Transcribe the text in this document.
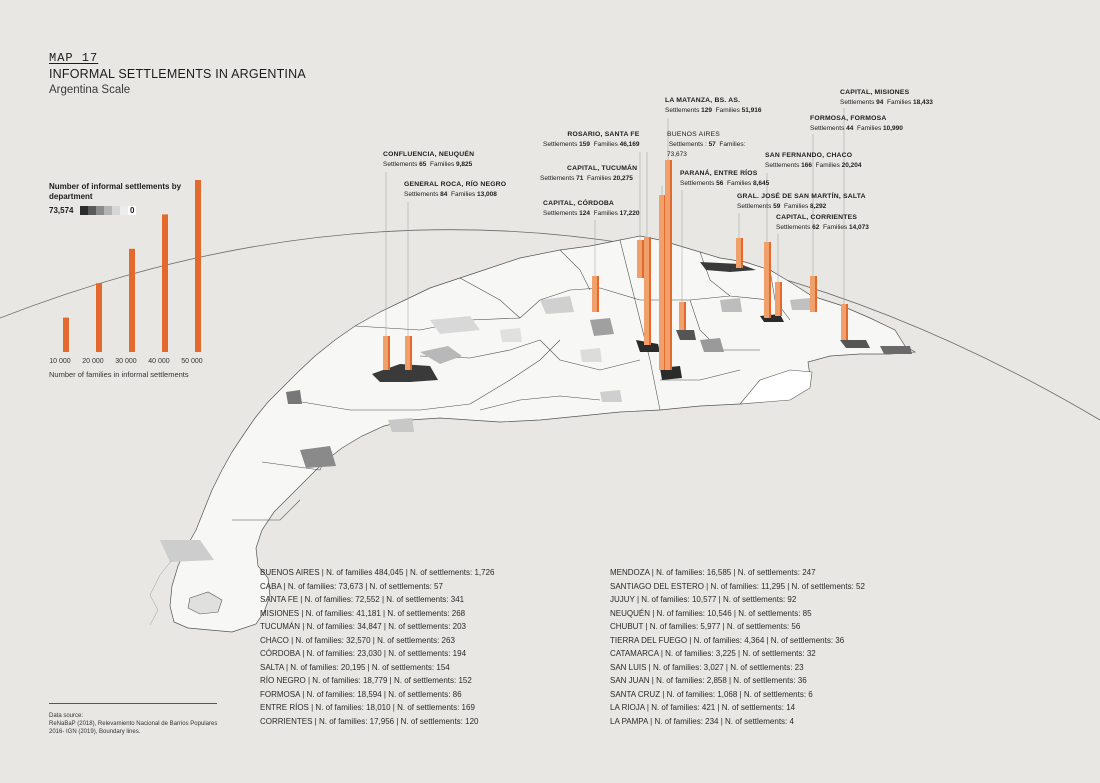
MAP 17
INFORMAL SETTLEMENTS IN ARGENTINA
Argentina Scale
Number of informal settlements by department
73,574	0
10 000	20 000	30 000	40 000	50 000
Number of families in informal settlements
CAPITAL, MISIONES
Settlements 94 Families 18,433
LA MATANZA, BS. AS.
Settlements 129 Families 51,916
FORMOSA, FORMOSA
Settlements 44 Families 10,990
ROSARIO, SANTA FE
Settlements 159 Families 46,169
BUENOS AIRES
Settlements : 57 Families:
73,673
CONFLUENCIA, NEUQUÉN
Settlements 65 Families 9,825
SAN FERNANDO, CHACO
Settlements 166 Families 20,204
CAPITAL, TUCUMÁN
Settlements 71 Families 20,275
PARANÁ, ENTRE RÍOS
Settlements 56 Families 8,645
GENERAL ROCA, RÍO NEGRO
Settlements 84 Families 13,008	GRAL. JOSÉ DE SAN MARTÍN, SALTA
Settlements 59 Families 8,292
CAPITAL, CÓRDOBA
Settlements 124 Families 17,220
CAPITAL, CORRIENTES
Settlements 62 Families 14,073
BUENOS AIRES | N. of families 484,045 | N. of settlements: 1,726
CABA | N. of families: 73,673 | N. of settlements: 57
SANTA FE | N. of families: 72,552 | N. of settlements: 341
MISIONES | N. of families: 41,181 | N. of settlements: 268
TUCUMÁN | N. of families: 34,847 | N. of settlements: 203
CHACO | N. of families: 32,570 | N. of settlements: 263
CÓRDOBA | N. of families: 23,030 | N. of settlements: 194
SALTA | N. of families: 20,195 | N. of settlements: 154
RÍO NEGRO | N. of families: 18,779 | N. of settlements: 152
FORMOSA | N. of families: 18,594 | N. of settlements: 86
ENTRE RÍOS | N. of families: 18,010 | N. of settlements: 169
CORRIENTES | N. of families: 17,956 | N. of settlements: 120
MENDOZA | N. of families: 16,585 | N. of settlements: 247
SANTIAGO DEL ESTERO | N. of families: 11,295 | N. of settlements: 52
JUJUY | N. of families: 10,577 | N. of settlements: 92
NEUQUÉN | N. of families: 10,546 | N. of settlements: 85
CHUBUT | N. of families: 5,977 | N. of settlements: 56
TIERRA DEL FUEGO | N. of families: 4,364 | N. of settlements: 36
CATAMARCA | N. of families: 3,225 | N. of settlements: 32
SAN LUIS | N. of families: 3,027 | N. of settlements: 23
SAN JUAN | N. of families: 2,858 | N. of settlements: 36
SANTA CRUZ | N. of families: 1,068 | N. of settlements: 6
LA RIOJA | N. of families: 421 | N. of settlements: 14
LA PAMPA | N. of families: 234 | N. of settlements: 4
Data source:
ReNaBaP (2018), Relevamiento Nacional de Barrios Populares
2016- IGN (2019), Boundary lines.
